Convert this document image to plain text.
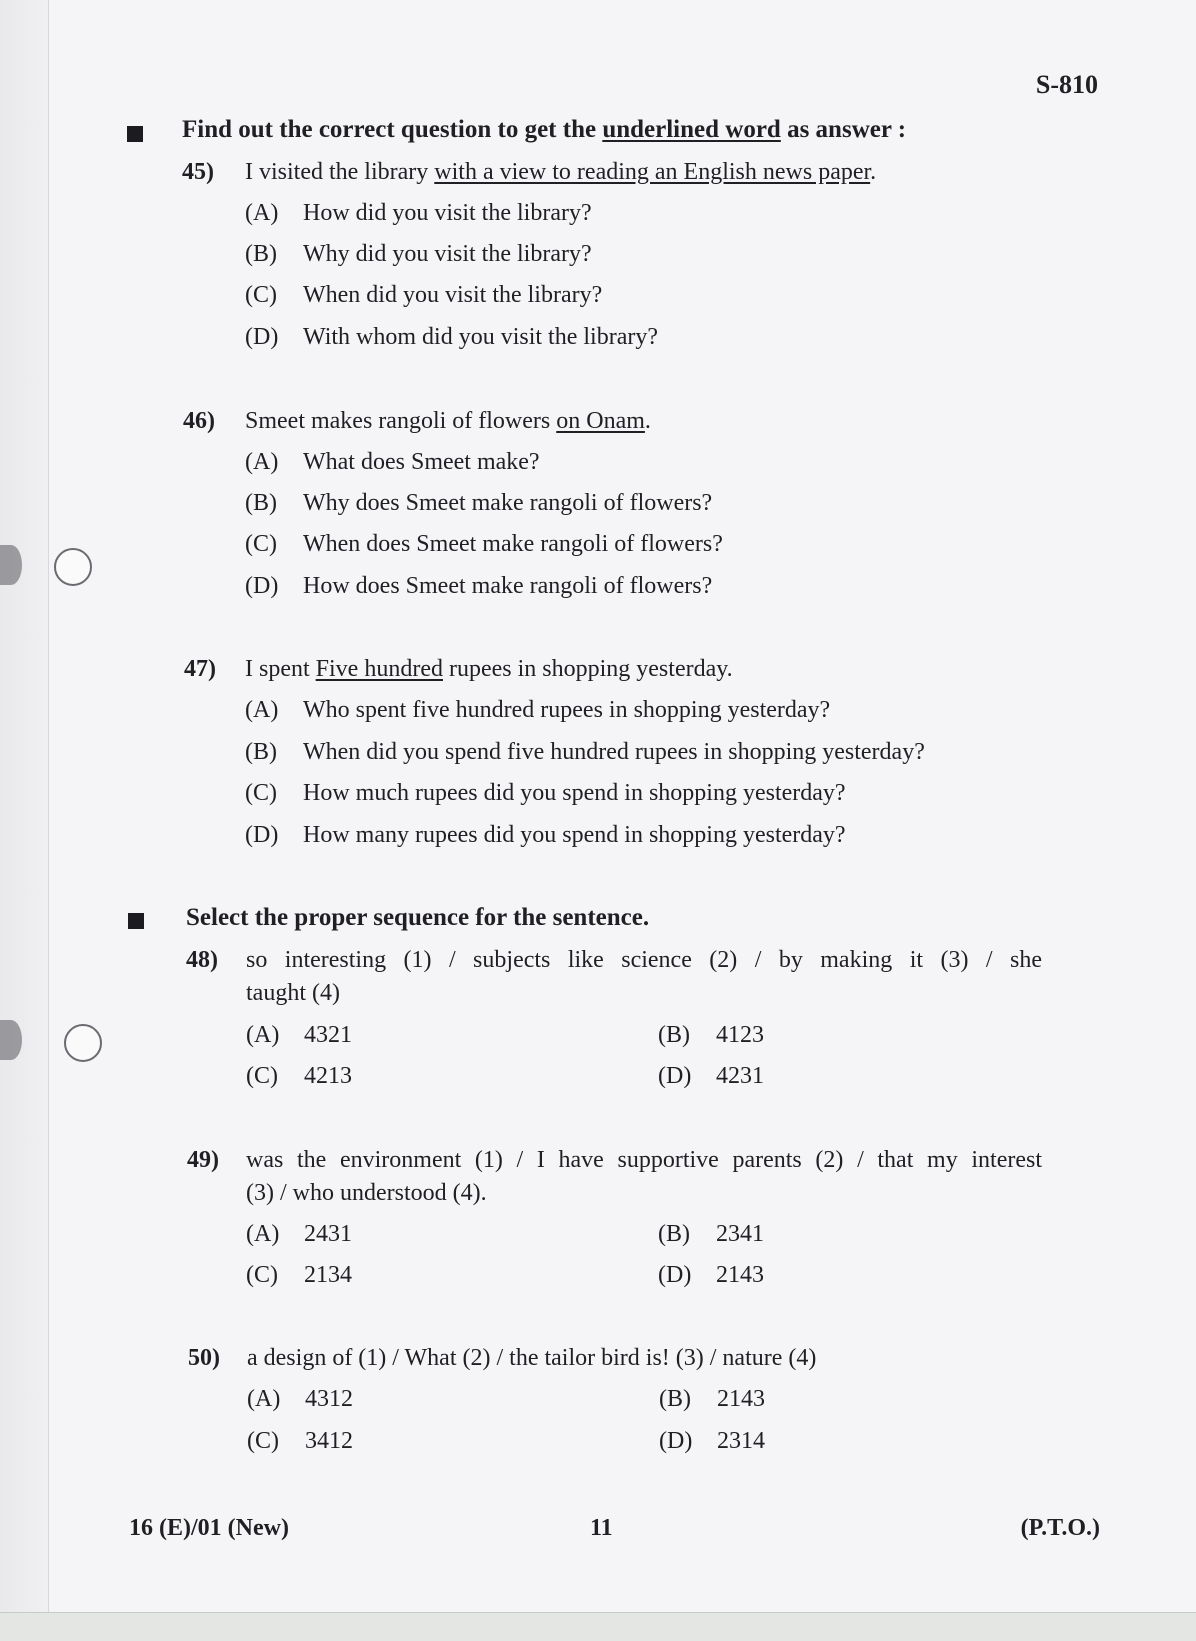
S-810
Find out the correct question to get the underlined word as answer :
45) I visited the library with a view to reading an English news paper.
(A) How did you visit the library?
(B) Why did you visit the library?
(C) When did you visit the library?
(D) With whom did you visit the library?
46) Smeet makes rangoli of flowers on Onam.
(A) What does Smeet make?
(B) Why does Smeet make rangoli of flowers?
(C) When does Smeet make rangoli of flowers?
(D) How does Smeet make rangoli of flowers?
47) I spent Five hundred rupees in shopping yesterday.
(A) Who spent five hundred rupees in shopping yesterday?
(B) When did you spend five hundred rupees in shopping yesterday?
(C) How much rupees did you spend in shopping yesterday?
(D) How many rupees did you spend in shopping yesterday?
Select the proper sequence for the sentence.
48) so interesting (1) / subjects like science (2) / by making it (3) / she
taught (4)
(A) 4321	(B) 4123
(C) 4213	(D) 4231
49) was the environment (1) / I have supportive parents (2) / that my interest
(3) / who understood (4).
(A) 2431	(B) 2341
(C) 2134	(D) 2143
50) a design of (1) / What (2) / the tailor bird is! (3) / nature (4)
(A) 4312	(B) 2143
(C) 3412	(D) 2314
16 (E)/01 (New)	11	(P.T.O.)
